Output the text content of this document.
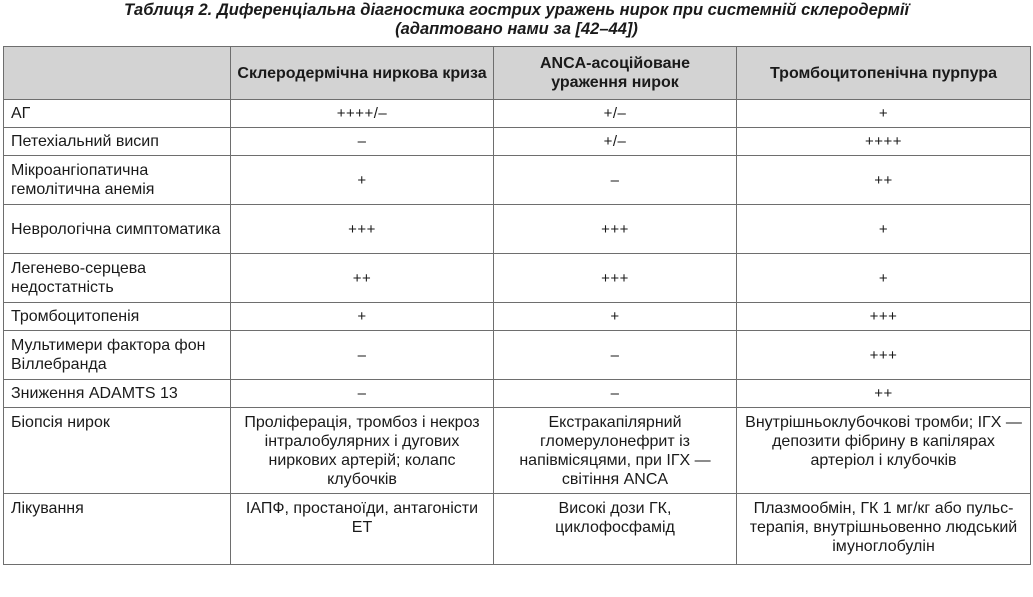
Таблиця 2. Диференціальна діагностика гострих уражень нирок при системній склеродермії
(адаптовано нами за [42–44])
	Склеродермічна ниркова криза	ANCA-асоційоване ураження нирок	Тромбоцитопенічна пурпура
АГ	++++/–	+/–	+
Петехіальний висип	–	+/–	++++
Мікроангіопатична гемолітична анемія	+	–	++
Неврологічна симптоматика	+++	+++	+
Легенево-серцева недостатність	++	+++	+
Тромбоцитопенія	+	+	+++
Мультимери фактора фон Віллебранда	–	–	+++
Зниження ADAMTS 13	–	–	++
Біопсія нирок	Проліферація, тромбоз і некроз інтралобулярних і дугових ниркових артерій; колапс клубочків	Екстракапілярний гломерулонефрит із напівмісяцями, при ІГХ — світіння ANCA	Внутрішньоклубочкові тромби; ІГХ — депозити фібрину в капілярах артеріол і клубочків
Лікування	ІАПФ, простаноїди, антагоністи ЕТ	Високі дози ГК, циклофосфамід	Плазмообмін, ГК 1 мг/кг або пульс-терапія, внутрішньовенно людський імуноглобулін
